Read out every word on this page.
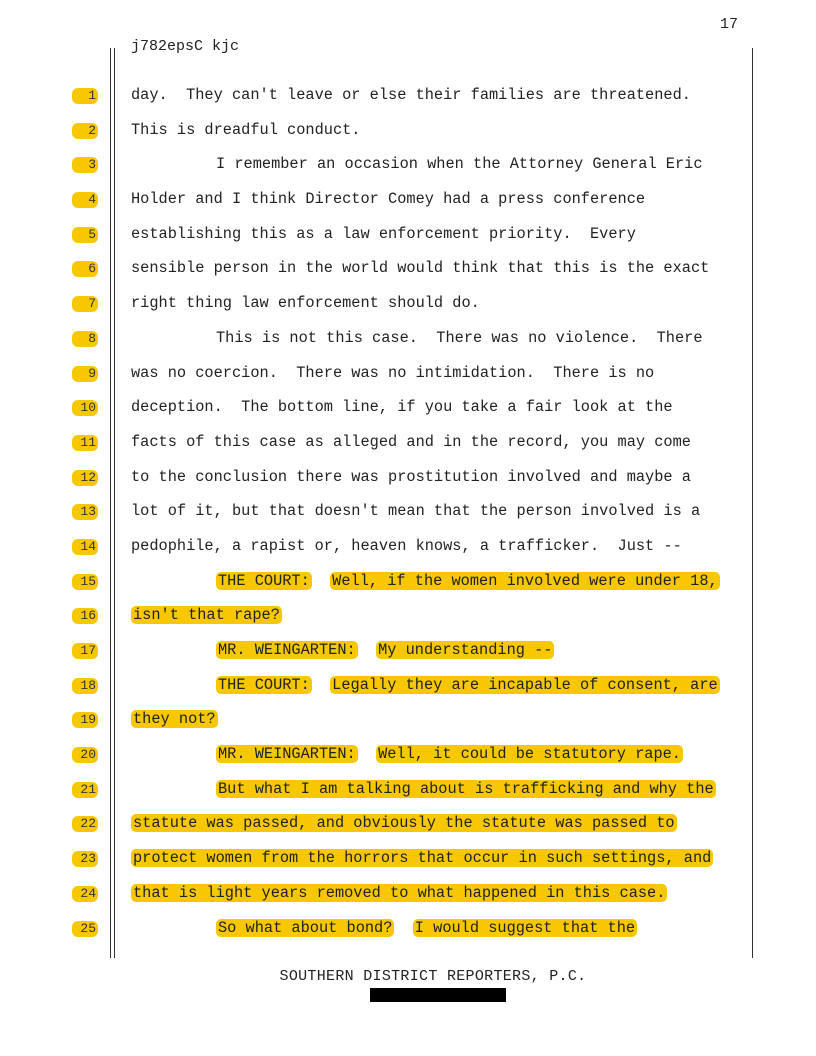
17
j782epsC kjc
1 day.  They can't leave or else their families are threatened.
2 This is dreadful conduct.
3	I remember an occasion when the Attorney General Eric
4 Holder and I think Director Comey had a press conference
5 establishing this as a law enforcement priority.  Every
6 sensible person in the world would think that this is the exact
7 right thing law enforcement should do.
8	This is not this case.  There was no violence.  There
9 was no coercion.  There was no intimidation.  There is no
10 deception.  The bottom line, if you take a fair look at the
11 facts of this case as alleged and in the record, you may come
12 to the conclusion there was prostitution involved and maybe a
13 lot of it, but that doesn't mean that the person involved is a
14 pedophile, a rapist or, heaven knows, a trafficker.  Just --
15	THE COURT: Well, if the women involved were under 18,
16 isn't that rape?
17	MR. WEINGARTEN: My understanding --
18	THE COURT: Legally they are incapable of consent, are
19 they not?
20	MR. WEINGARTEN: Well, it could be statutory rape.
21	But what I am talking about is trafficking and why the
22 statute was passed, and obviously the statute was passed to
23 protect women from the horrors that occur in such settings, and
24 that is light years removed to what happened in this case.
25	So what about bond? I would suggest that the
SOUTHERN DISTRICT REPORTERS, P.C.
